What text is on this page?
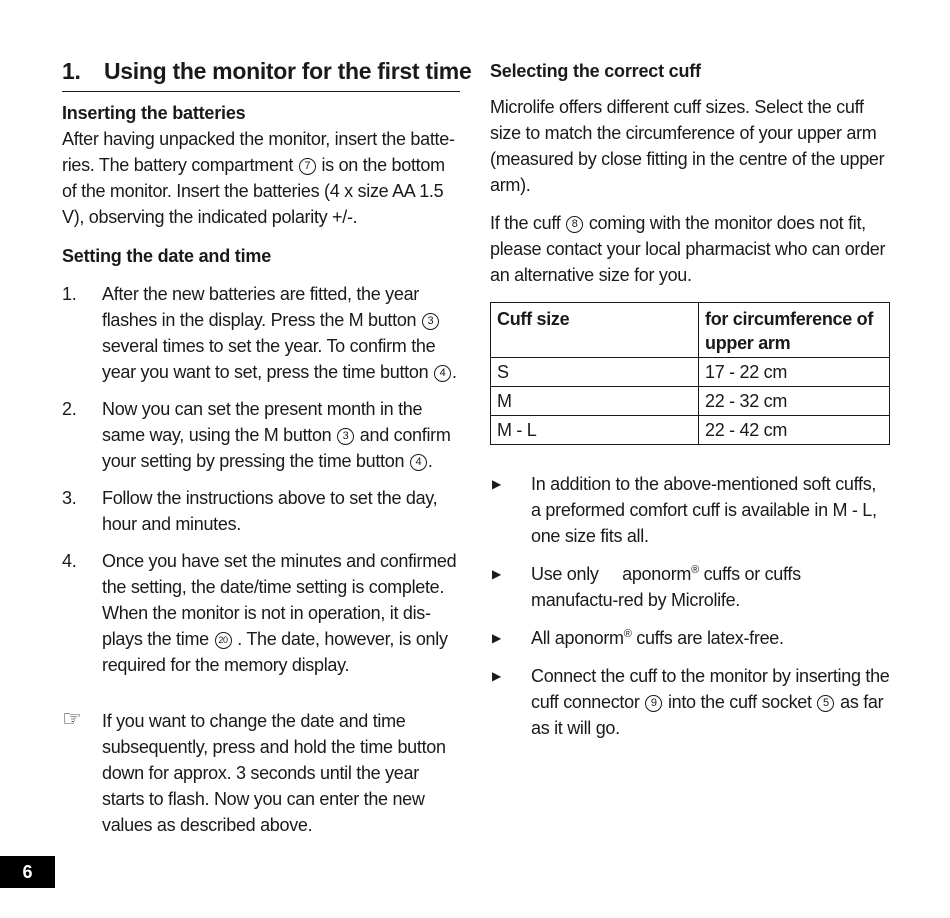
1. Using the monitor for the first time
Inserting the batteries

After having unpacked the monitor, insert the batte-ries. The battery compartment 7 is on the bottom of the monitor. Insert the batteries (4 x size AA 1.5 V), observing the indicated polarity +/-.

Setting the date and time
1. After the new batteries are fitted, the year flashes in the display. Press the M button 3 several times to set the year. To confirm the year you want to set, press the time button 4 .
2. Now you can set the present month in the same way, using the M button 3 and confirm your setting by pressing the time button 4 .
3. Follow the instructions above to set the day, hour and minutes.
4. Once you have set the minutes and confirmed the setting, the date/time setting is complete. When the monitor is not in operation, it dis-plays the time 20 . The date, however, is only required for the memory display.
☞ If you want to change the date and time subsequently, press and hold the time button down for approx. 3 seconds until the year starts to flash. Now you can enter the new values as described above.
Selecting the correct cuff

Microlife offers different cuff sizes. Select the cuff size to match the circumference of your upper arm (measured by close fitting in the centre of the upper arm).

If the cuff 8 coming with the monitor does not fit, please contact your local pharmacist who can order an alternative size for you.

Cuff size	for circumference of upper arm
S	17 - 22 cm
M	22 - 32 cm
M - L	22 - 42 cm
▶ In addition to the above-mentioned soft cuffs, a preformed comfort cuff is available in M - L, one size fits all.
▶ Use only     aponorm® cuffs or cuffs manufactu-red by Microlife.
▶ All aponorm® cuffs are latex-free.
▶ Connect the cuff to the monitor by inserting the cuff connector 9 into the cuff socket 5 as far as it will go.
6
